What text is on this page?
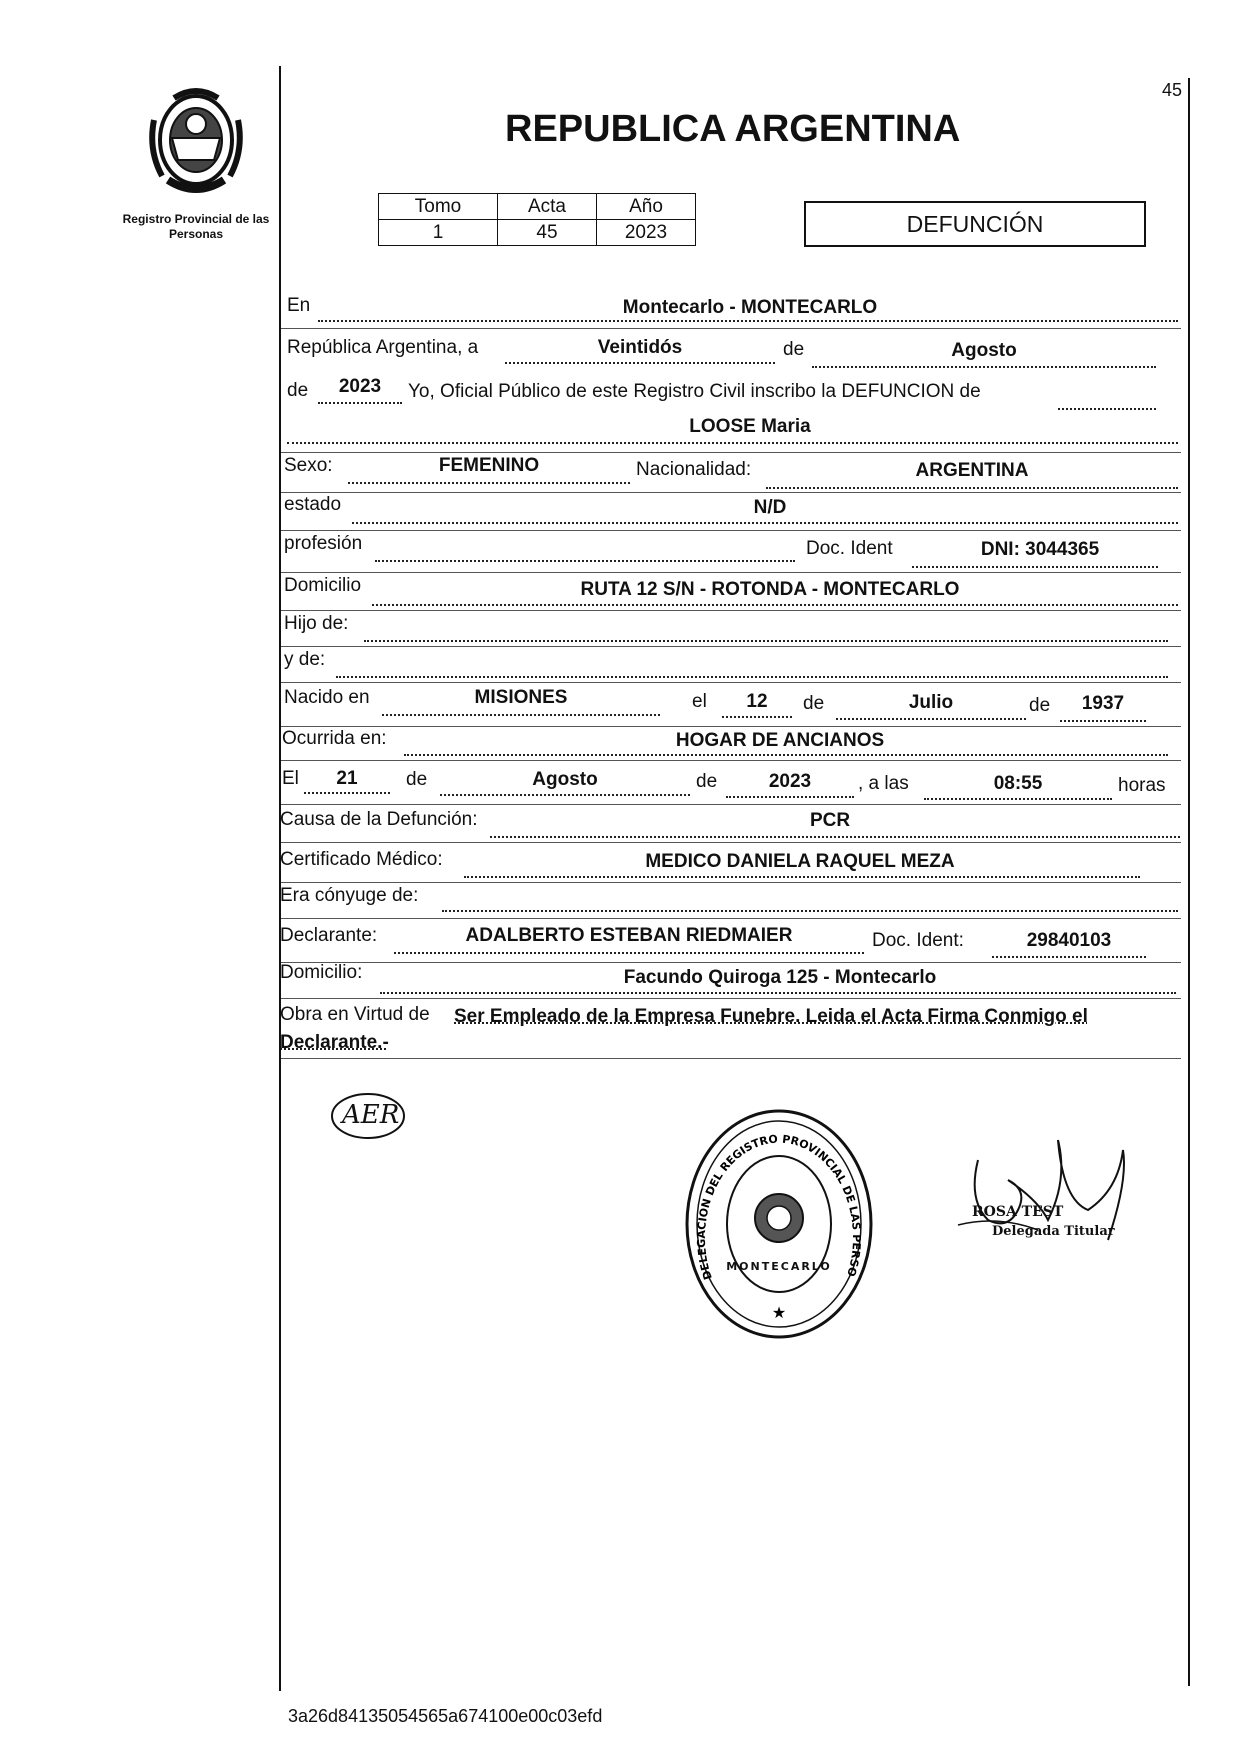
Registro Provincial de las Personas
45
REPUBLICA ARGENTINA
Tomo	Acta	Año
1	45	2023	DEFUNCIÓN
En	Montecarlo - MONTECARLO
República Argentina, a	Veintidós	de	Agosto
de	2023	Yo, Oficial Público de este Registro Civil inscribo la DEFUNCION de
LOOSE Maria
Sexo:	FEMENINO	Nacionalidad:	ARGENTINA
estado	N/D
profesión	Doc. Ident	DNI: 3044365
Domicilio	RUTA 12 S/N - ROTONDA - MONTECARLO
Hijo de:
y de:
Nacido en	MISIONES	el	12	de	Julio	de	1937
Ocurrida en:	HOGAR DE ANCIANOS
El	21	de	Agosto	de	2023	, a las	08:55	horas
Causa de la Defunción:	PCR
Certificado Médico:	MEDICO DANIELA RAQUEL MEZA
Era cónyuge de:
Declarante:	ADALBERTO ESTEBAN RIEDMAIER	Doc. Ident:	29840103
Domicilio:	Facundo Quiroga 125 - Montecarlo
Obra en Virtud de Ser Empleado de la Empresa Funebre. Leida el Acta Firma Conmigo el
Declarante.-
AER
DELEGACION DEL REGISTRO PROVINCIAL DE LAS PERSO
★
MONTECARLO
ROSA TEST
Delegada Titular
3a26d84135054565a674100e00c03efd
